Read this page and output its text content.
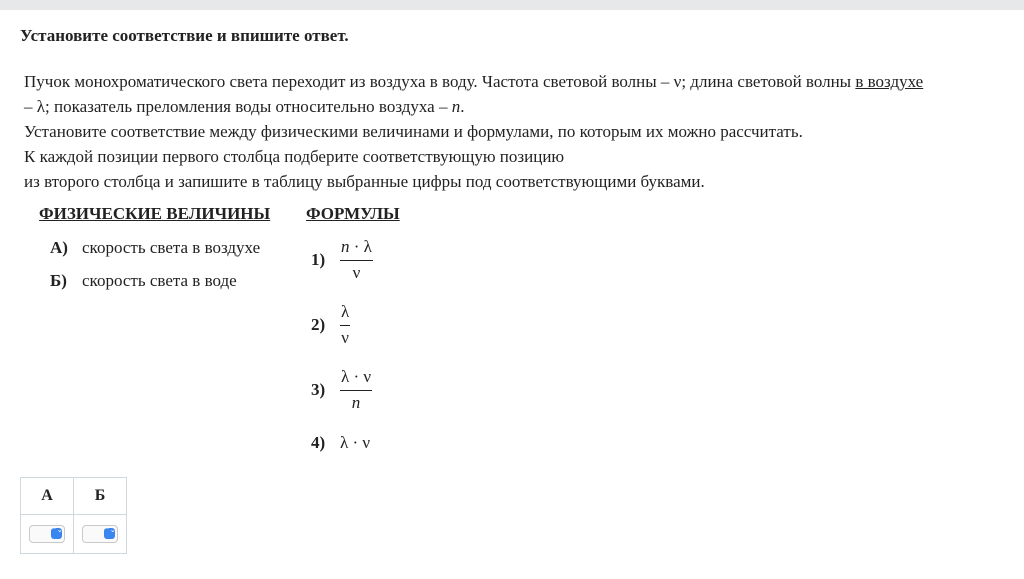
Установите соответствие и впишите ответ.

Пучок монохроматического света переходит из воздуха в воду. Частота световой волны – ν; длина световой волны в воздухе

– λ; показатель преломления воды относительно воздуха – n.

Установите соответствие между физическими величинами и формулами, по которым их можно рассчитать.

К каждой позиции первого столбца подберите соответствующую позицию

из второго столбца и запишите в таблицу выбранные цифры под соответствующими буквами.

ФИЗИЧЕСКИЕ ВЕЛИЧИНЫ ФОРМУЛЫ
А) скорость света в воздухе
Б) скорость света в воде
$1) \frac{n \cdot \lambda}{\nu}$
$2) \frac{\lambda}{\nu}$
$3) \frac{\lambda \cdot \nu}{n}$
4) λ · ν
А	Б

⌃⌄	⌃⌄
